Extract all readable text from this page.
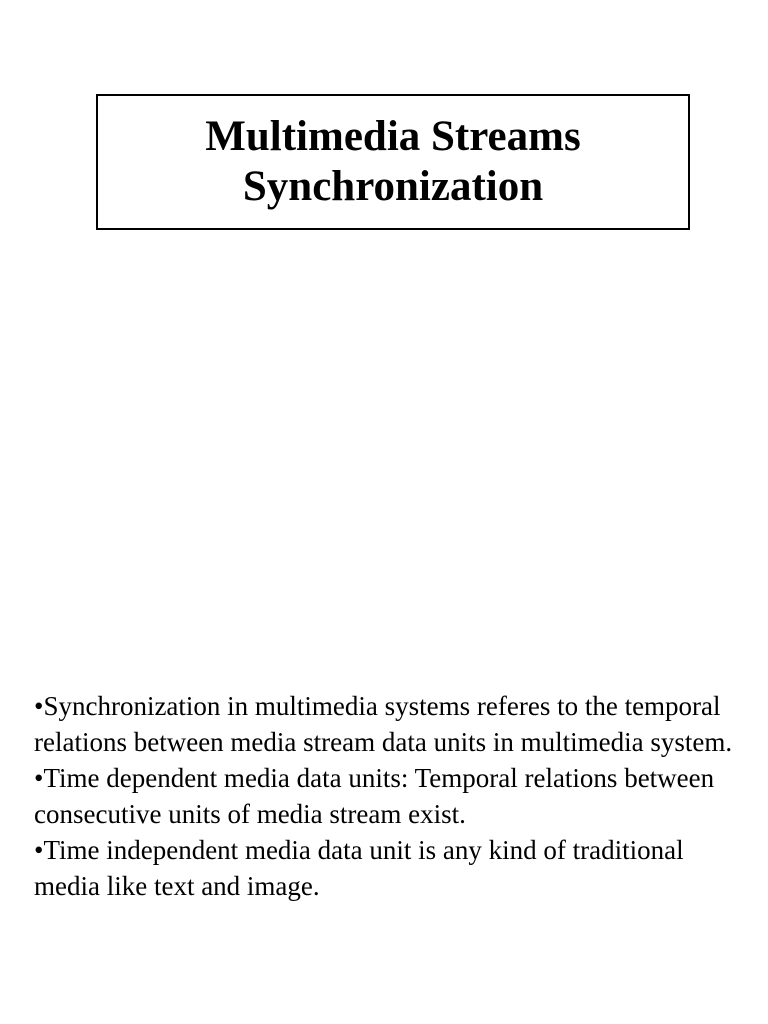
Multimedia Streams
Synchronization

•Synchronization in multimedia systems referes to the temporal relations between media stream data units in multimedia system.

•Time dependent media data units: Temporal relations between consecutive units of media stream exist.

•Time independent media data unit is any kind of traditional media like text and image.
